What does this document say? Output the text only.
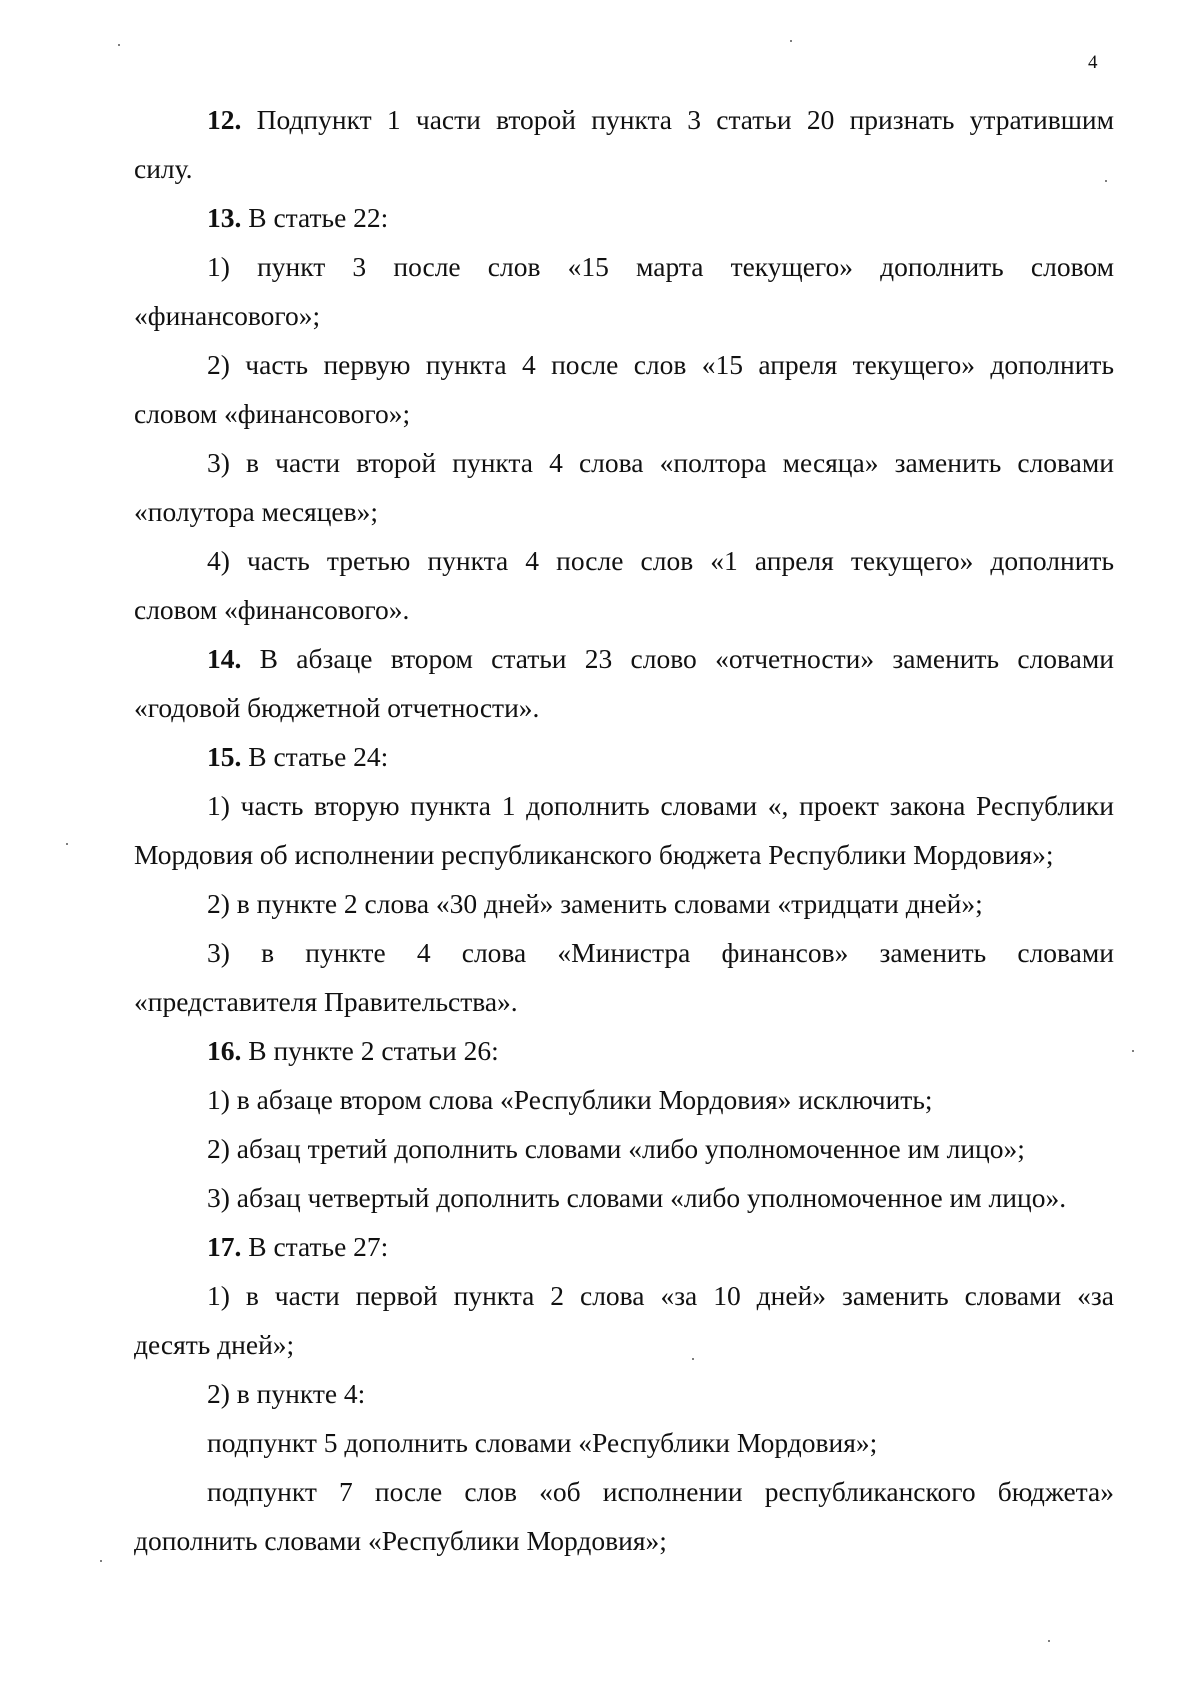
4
12. Подпункт 1 части второй пункта 3 статьи 20 признать утратившим
силу.
13. В статье 22:
1) пункт 3 после слов «15 марта текущего» дополнить словом
«финансового»;
2) часть первую пункта 4 после слов «15 апреля текущего» дополнить
словом «финансового»;
3) в части второй пункта 4 слова «полтора месяца» заменить словами
«полутора месяцев»;
4) часть третью пункта 4 после слов «1 апреля текущего» дополнить
словом «финансового».
14. В абзаце втором статьи 23 слово «отчетности» заменить словами
«годовой бюджетной отчетности».
15. В статье 24:
1) часть вторую пункта 1 дополнить словами «, проект закона Республики
Мордовия об исполнении республиканского бюджета Республики Мордовия»;
2) в пункте 2 слова «30 дней» заменить словами «тридцати дней»;
3) в пункте 4 слова «Министра финансов» заменить словами
«представителя Правительства».
16. В пункте 2 статьи 26:
1) в абзаце втором слова «Республики Мордовия» исключить;
2) абзац третий дополнить словами «либо уполномоченное им лицо»;
3) абзац четвертый дополнить словами «либо уполномоченное им лицо».
17. В статье 27:
1) в части первой пункта 2 слова «за 10 дней» заменить словами «за
десять дней»;
2) в пункте 4:
подпункт 5 дополнить словами «Республики Мордовия»;
подпункт 7 после слов «об исполнении республиканского бюджета»
дополнить словами «Республики Мордовия»;
